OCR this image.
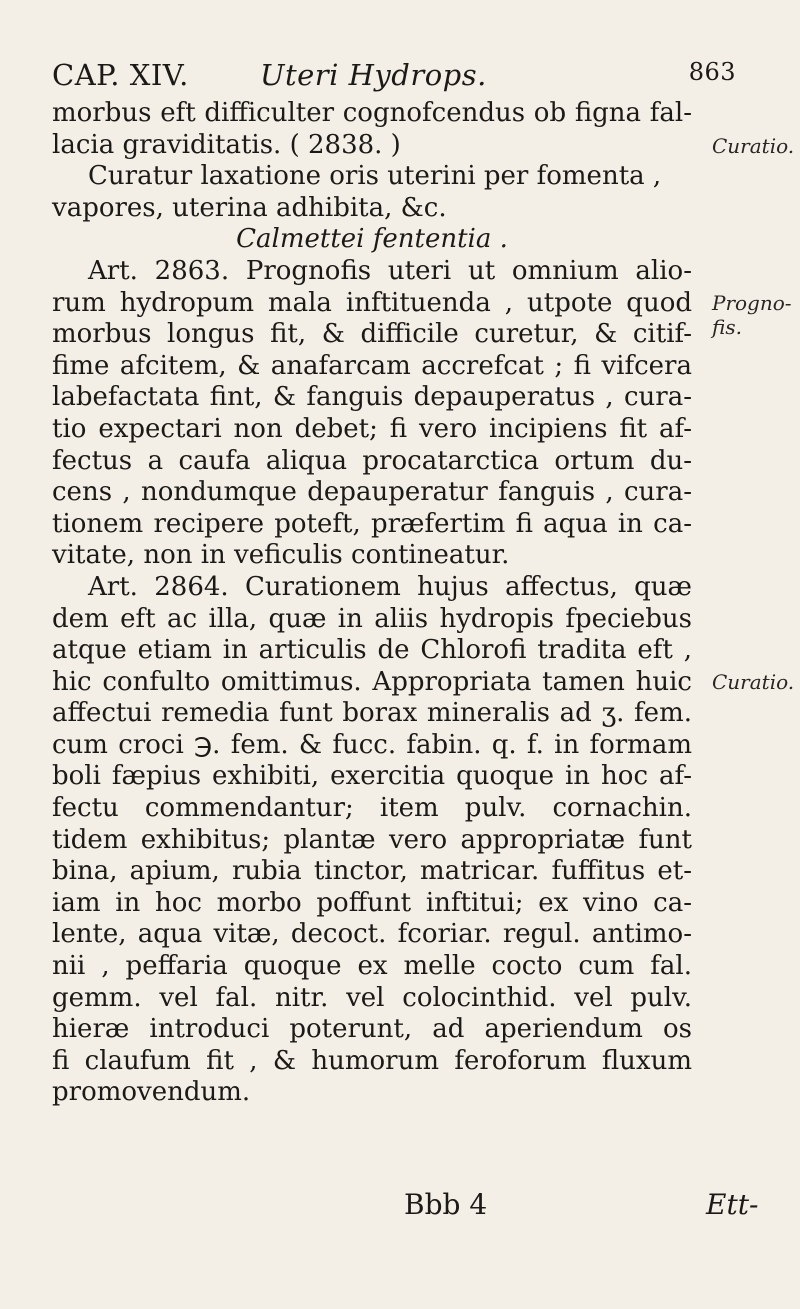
CAP. XIV. Uteri Hydrops.	863
morbus eft difficulter cognofcendus ob figna fal-
lacia graviditatis. ( 2838. )
Curatur laxatione oris uterini per fomenta ,
vapores, uterina adhibita, &c.
Calmettei fententia .
Art. 2863. Prognofis uteri ut omnium alio-
rum hydropum mala inftituenda , utpote quod
morbus longus fit, & difficile curetur, & citif-
fime afcitem, & anafarcam accrefcat ; fi vifcera
labefactata fint, & fanguis depauperatus , cura-
tio expectari non debet; fi vero incipiens fit af-
fectus a caufa aliqua procatarctica ortum du-
cens , nondumque depauperatur fanguis , cura-
tionem recipere poteft, præfertim fi aqua in ca-
vitate, non in veficulis contineatur.
Art. 2864. Curationem hujus affectus, quæ
dem eft ac illa, quæ in aliis hydropis fpeciebus
atque etiam in articulis de Chlorofi tradita eft ,
hic confulto omittimus. Appropriata tamen huic
affectui remedia funt borax mineralis ad ʒ. fem.
cum croci ℈. fem. & fucc. fabin. q. f. in formam
boli fæpius exhibiti, exercitia quoque in hoc af-
fectu commendantur; item pulv. cornachin.
tidem exhibitus; plantæ vero appropriatæ funt
bina, apium, rubia tinctor, matricar. fuffitus et-
iam in hoc morbo poffunt inftitui; ex vino ca-
lente, aqua vitæ, decoct. fcoriar. regul. antimo-
nii , peffaria quoque ex melle cocto cum fal.
gemm. vel fal. nitr. vel colocinthid. vel pulv.
hieræ introduci poterunt, ad aperiendum os
fi claufum fit , & humorum feroforum fluxum
promovendum.
Curatio.
Progno-
fis.
Curatio.
Bbb 4	Ett-
